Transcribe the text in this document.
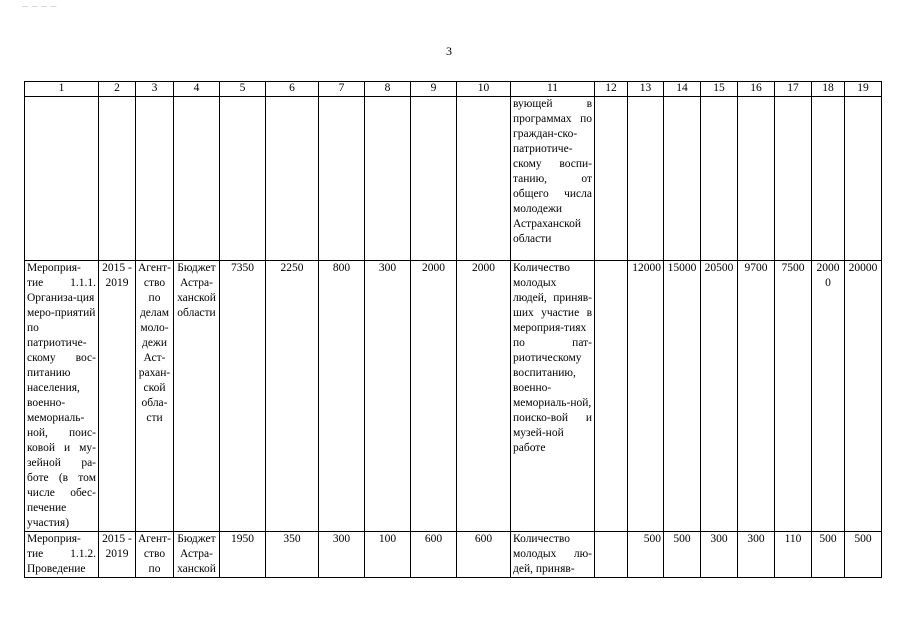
— — — —
3
1	2	3	4	5	6	7	8	9	10	11	12	13	14	15	16	17	18	19
										вующей в программах по граждан-ско-патриотиче-скому воспи-танию, от общего числа молодежи Астраханской области								
Мероприя-тие 1.1.1. Организа-ция меро-приятий по патриотиче-скому вос-питанию населения, военно-мемориаль-ной, поис-ковой и му-зейной ра-боте (в том числе обес-печение участия)	2015 - 2019	Агент-ство по делам моло-дежи Аст-рахан-ской обла-сти	Бюджет Астра-ханской области	7350	2250	800	300	2000	2000	Количество молодых людей, приняв-ших участие в мероприя-тиях по пат-риотическому воспитанию, военно-мемориаль-ной, поиско-вой и музей-ной работе		12000	15000	20500	9700	7500	20000	20000
Мероприя-тие 1.1.2. Проведение	2015 - 2019	Агент-ство по	Бюджет Астра-ханской	1950	350	300	100	600	600	Количество молодых лю-дей, приняв-		500	500	300	300	110	500	500
